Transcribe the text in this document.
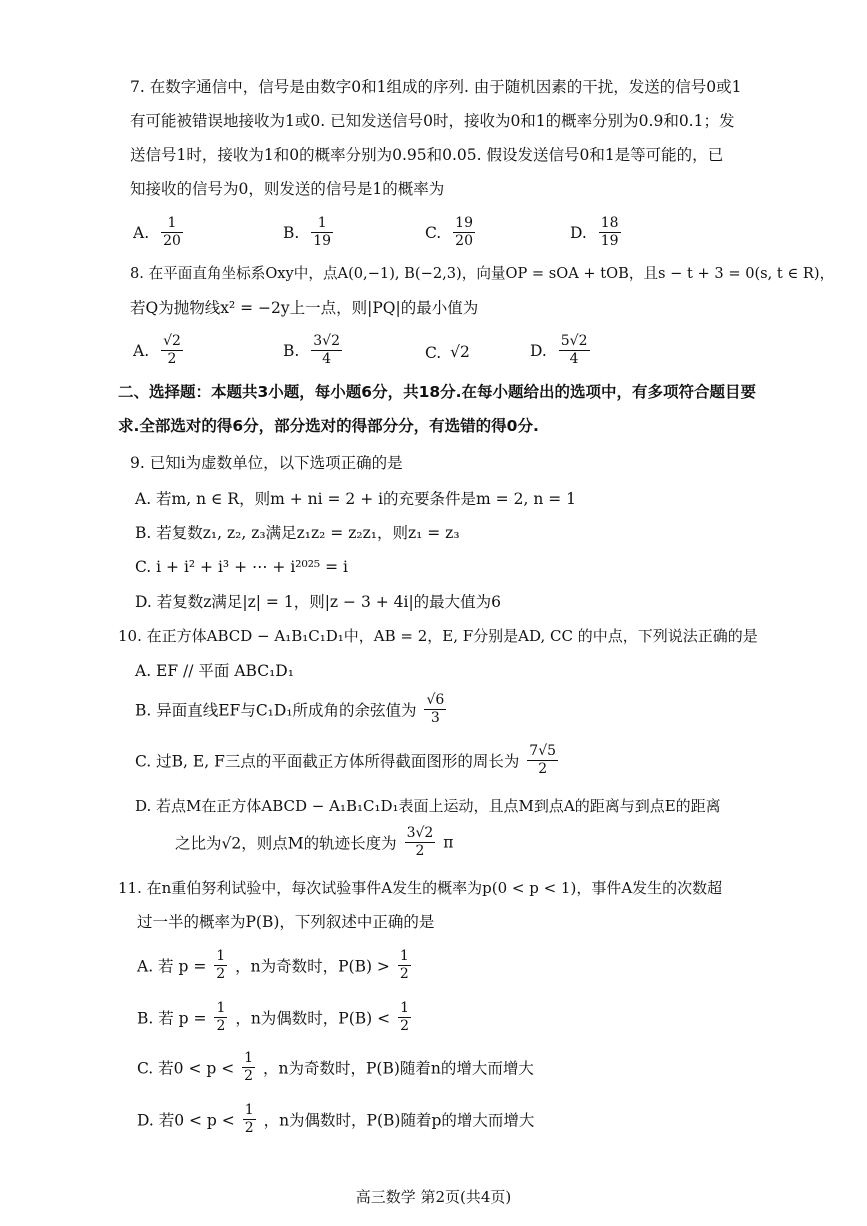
7. 在数字通信中，信号是由数字0和1组成的序列. 由于随机因素的干扰，发送的信号0或1
有可能被错误地接收为1或0. 已知发送信号0时，接收为0和1的概率分别为0.9和0.1；发
送信号1时，接收为1和0的概率分别为0.95和0.05. 假设发送信号0和1是等可能的，已
知接收的信号为0，则发送的信号是1的概率为
A. $\frac{1}{20}$	B. $\frac{1}{19}$	C. $\frac{19}{20}$	D. $\frac{18}{19}$
8. 在平面直角坐标系Oxy中，点A(0,−1), B(−2,3)，向量OP = sOA + tOB，且s − t + 3 = 0(s, t ∈ R)，
若Q为抛物线x² = −2y上一点，则|PQ|的最小值为
A. $\frac{√2}{2}$	B. $\frac{3√2}{4}$	C. √2	D. $\frac{5√2}{4}$
二、选择题：本题共3小题，每小题6分，共18分.在每小题给出的选项中，有多项符合题目要
求.全部选对的得6分，部分选对的得部分分，有选错的得0分.
9. 已知i为虚数单位，以下选项正确的是
A. 若m, n ∈ R，则m + ni = 2 + i的充要条件是m = 2, n = 1
B. 若复数z₁, z₂, z₃满足z₁z₂ = z₂z₁，则z₁ = z₃
C. i + i² + i³ + ⋯ + i²⁰²⁵ = i
D. 若复数z满足|z| = 1，则|z − 3 + 4i|的最大值为6
10. 在正方体ABCD − A₁B₁C₁D₁中，AB = 2，E, F分别是AD, CC 的中点，下列说法正确的是
A. EF // 平面 ABC₁D₁
B. 异面直线EF与C₁D₁所成角的余弦值为 $\frac{√6}{3}$
C. 过B, E, F三点的平面截正方体所得截面图形的周长为 $\frac{7√5}{2}$
D. 若点M在正方体ABCD − A₁B₁C₁D₁表面上运动，且点M到点A的距离与到点E的距离
之比为√2，则点M的轨迹长度为 $\frac{3√2}{2}$ π
11. 在n重伯努利试验中，每次试验事件A发生的概率为p(0 < p < 1)，事件A发生的次数超
过一半的概率为P(B)，下列叙述中正确的是
A. 若 $p = \frac{1}{2}$ ，n为奇数时，$P(B) > \frac{1}{2}$
B. 若 $p = \frac{1}{2}$ ，n为偶数时，$P(B) < \frac{1}{2}$
C. 若$0 < p < \frac{1}{2}$ ，n为奇数时，P(B)随着n的增大而增大
D. 若$0 < p < \frac{1}{2}$ ，n为偶数时，P(B)随着p的增大而增大
高三数学 第2页(共4页)
